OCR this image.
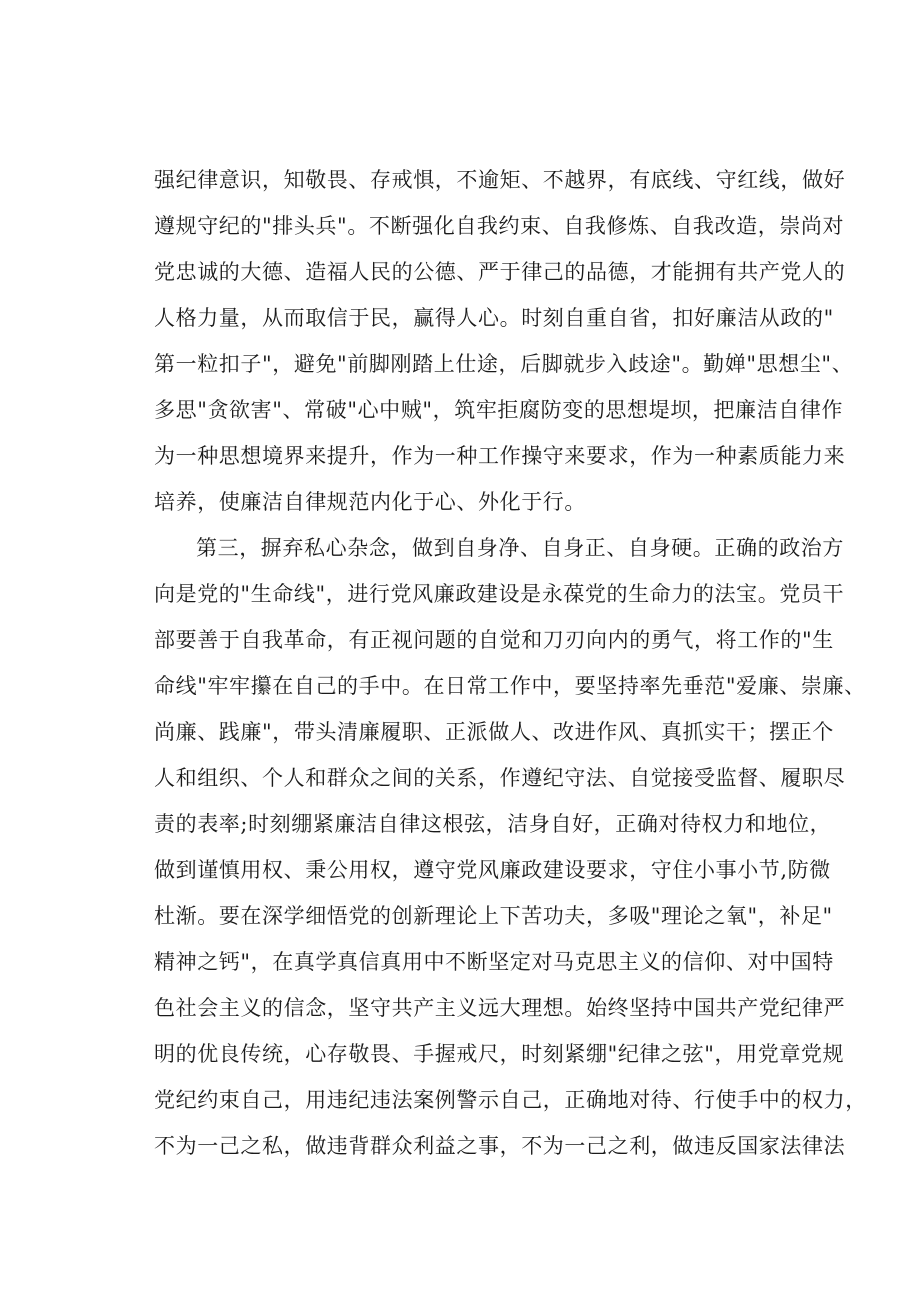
强纪律意识，知敬畏、存戒惧，不逾矩、不越界，有底线、守红线，做好
遵规守纪的"排头兵"。不断强化自我约束、自我修炼、自我改造，崇尚对
党忠诚的大德、造福人民的公德、严于律己的品德，才能拥有共产党人的
人格力量，从而取信于民，赢得人心。时刻自重自省，扣好廉洁从政的"
第一粒扣子"，避免"前脚刚踏上仕途，后脚就步入歧途"。勤婵"思想尘"、
多思"贪欲害"、常破"心中贼"，筑牢拒腐防变的思想堤坝，把廉洁自律作
为一种思想境界来提升，作为一种工作操守来要求，作为一种素质能力来
培养，使廉洁自律规范内化于心、外化于行。
第三，摒弃私心杂念，做到自身净、自身正、自身硬。正确的政治方
向是党的"生命线"，进行党风廉政建设是永葆党的生命力的法宝。党员干
部要善于自我革命，有正视问题的自觉和刀刃向内的勇气，将工作的"生
命线"牢牢攥在自己的手中。在日常工作中，要坚持率先垂范"爱廉、崇廉、
尚廉、践廉"，带头清廉履职、正派做人、改进作风、真抓实干；摆正个
人和组织、个人和群众之间的关系，作遵纪守法、自觉接受监督、履职尽
责的表率;时刻绷紧廉洁自律这根弦，洁身自好，正确对待权力和地位，
做到谨慎用权、秉公用权，遵守党风廉政建设要求，守住小事小节,防微
杜渐。要在深学细悟党的创新理论上下苦功夫，多吸"理论之氧"，补足"
精神之钙"，在真学真信真用中不断坚定对马克思主义的信仰、对中国特
色社会主义的信念，坚守共产主义远大理想。始终坚持中国共产党纪律严
明的优良传统，心存敬畏、手握戒尺，时刻紧绷"纪律之弦"，用党章党规
党纪约束自己，用违纪违法案例警示自己，正确地对待、行使手中的权力，
不为一己之私，做违背群众利益之事，不为一己之利，做违反国家法律法
